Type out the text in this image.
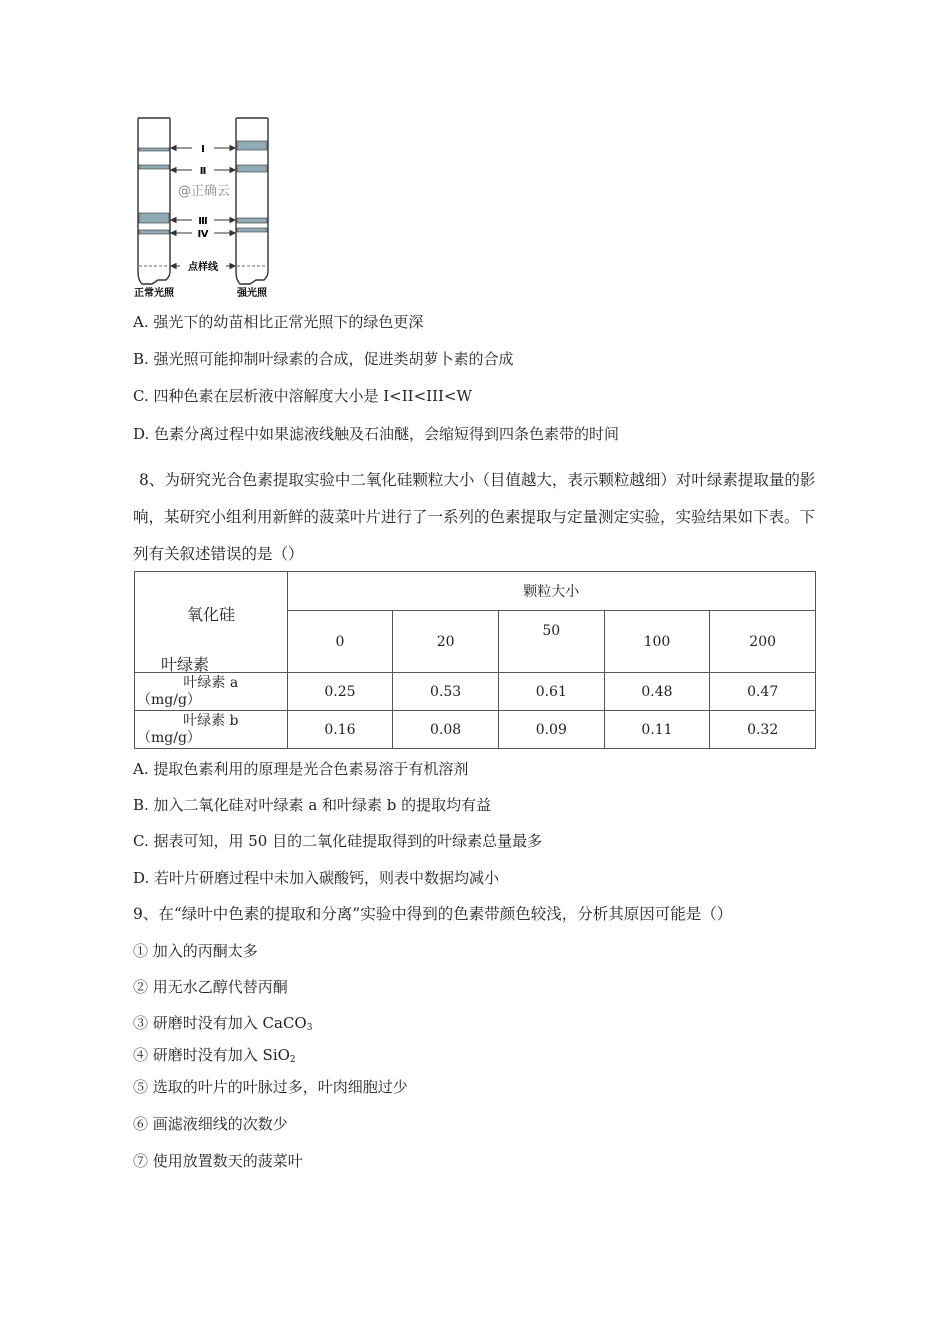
Ⅰ
Ⅱ
@正确云
Ⅲ
Ⅳ
点样线
正常光照	强光照
A. 强光下的幼苗相比正常光照下的绿色更深
B. 强光照可能抑制叶绿素的合成，促进类胡萝卜素的合成
C. 四种色素在层析液中溶解度大小是 I<II<III<W
D. 色素分离过程中如果滤液线触及石油醚，会缩短得到四条色素带的时间
8、为研究光合色素提取实验中二氧化硅颗粒大小（目值越大，表示颗粒越细）对叶绿素提取量的影响，某研究小组利用新鲜的菠菜叶片进行了一系列的色素提取与定量测定实验，实验结果如下表。下列有关叙述错误的是（）
氧化硅
叶绿素	颗粒大小				
	0	20	50	100	200

叶绿素 a
（mg/g）	0.25	0.53	0.61	0.48	0.47

叶绿素 b
（mg/g）	0.16	0.08	0.09	0.11	0.32
A. 提取色素利用的原理是光合色素易溶于有机溶剂
B. 加入二氧化硅对叶绿素 a 和叶绿素 b 的提取均有益
C. 据表可知，用 50 目的二氧化硅提取得到的叶绿素总量最多
D. 若叶片研磨过程中未加入碳酸钙，则表中数据均减小
9、在“绿叶中色素的提取和分离”实验中得到的色素带颜色较浅，分析其原因可能是（）
① 加入的丙酮太多
② 用无水乙醇代替丙酮
③ 研磨时没有加入 CaCO$_3$
④ 研磨时没有加入 SiO$_2$
⑤ 选取的叶片的叶脉过多，叶肉细胞过少
⑥ 画滤液细线的次数少
⑦ 使用放置数天的菠菜叶
